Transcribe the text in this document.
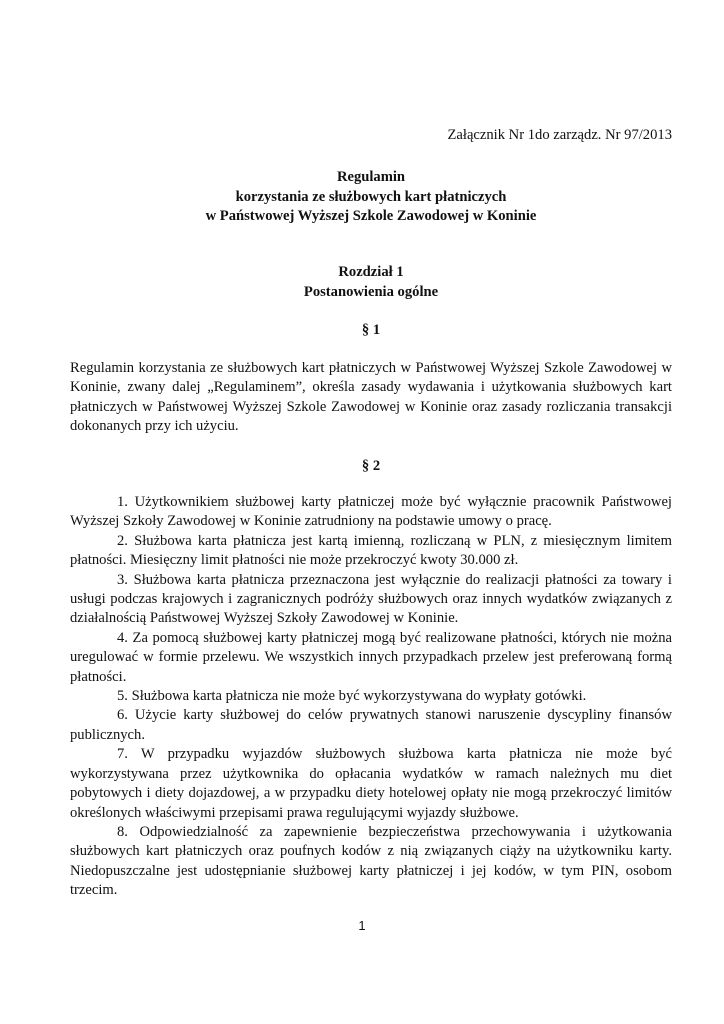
Załącznik Nr 1do zarządz. Nr 97/2013
Regulamin
korzystania ze służbowych kart płatniczych
w Państwowej Wyższej Szkole Zawodowej w Koninie
Rozdział 1
Postanowienia ogólne
§ 1
Regulamin korzystania ze służbowych kart płatniczych w Państwowej Wyższej Szkole Zawodowej w Koninie, zwany dalej „Regulaminem”, określa zasady wydawania i użytkowania służbowych kart płatniczych w Państwowej Wyższej Szkole Zawodowej w Koninie oraz zasady rozliczania transakcji dokonanych przy ich użyciu.
§ 2

1. Użytkownikiem służbowej karty płatniczej może być wyłącznie pracownik Państwowej Wyższej Szkoły Zawodowej w Koninie zatrudniony na podstawie umowy o pracę.

2. Służbowa karta płatnicza jest kartą imienną, rozliczaną w PLN, z miesięcznym limitem płatności. Miesięczny limit płatności nie może przekroczyć kwoty 30.000 zł.

3. Służbowa karta płatnicza przeznaczona jest wyłącznie do realizacji płatności za towary i usługi podczas krajowych i zagranicznych podróży służbowych oraz innych wydatków związanych z działalnością Państwowej Wyższej Szkoły Zawodowej w Koninie.

4. Za pomocą służbowej karty płatniczej mogą być realizowane płatności, których nie można uregulować w formie przelewu. We wszystkich innych przypadkach przelew jest preferowaną formą płatności.

5. Służbowa karta płatnicza nie może być wykorzystywana do wypłaty gotówki.

6. Użycie karty służbowej do celów prywatnych stanowi naruszenie dyscypliny finansów publicznych.

7. W przypadku wyjazdów służbowych służbowa karta płatnicza nie może być wykorzystywana przez użytkownika do opłacania wydatków w ramach należnych mu diet pobytowych i diety dojazdowej, a w przypadku diety hotelowej opłaty nie mogą przekroczyć limitów określonych właściwymi przepisami prawa regulującymi wyjazdy służbowe.

8. Odpowiedzialność za zapewnienie bezpieczeństwa przechowywania i użytkowania służbowych kart płatniczych oraz poufnych kodów z nią związanych ciąży na użytkowniku karty. Niedopuszczalne jest udostępnianie służbowej karty płatniczej i jej kodów, w tym PIN, osobom trzecim.

1
